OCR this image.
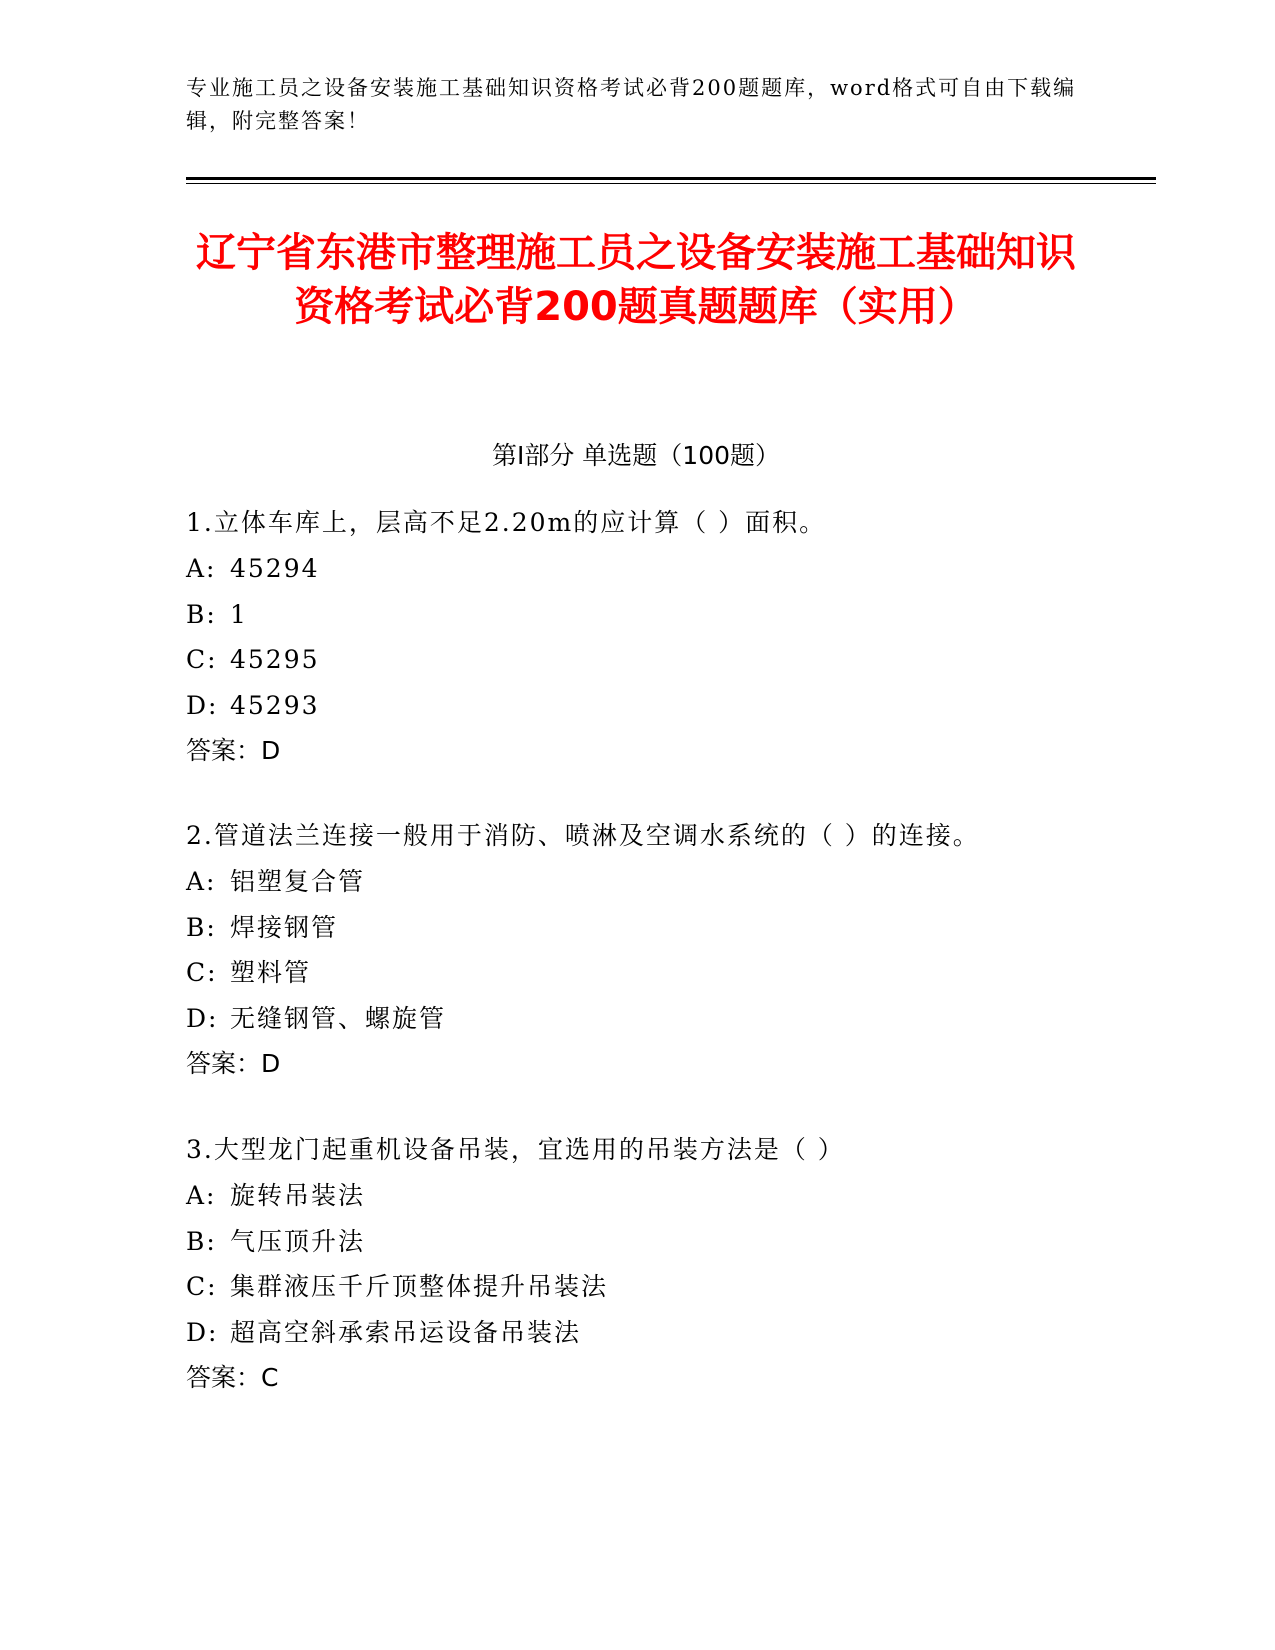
专业施工员之设备安装施工基础知识资格考试必背200题题库，word格式可自由下载编辑，附完整答案！
辽宁省东港市整理施工员之设备安装施工基础知识资格考试必背200题真题题库（实用）
第Ⅰ部分 单选题（100题）
1.立体车库上，层高不足2.20m的应计算（ ）面积。
A: 45294
B: 1
C: 45295
D: 45293
答案：D
2.管道法兰连接一般用于消防、喷淋及空调水系统的（ ）的连接。
A: 铝塑复合管
B: 焊接钢管
C: 塑料管
D: 无缝钢管、螺旋管
答案：D
3.大型龙门起重机设备吊装，宜选用的吊装方法是（ ）
A: 旋转吊装法
B: 气压顶升法
C: 集群液压千斤顶整体提升吊装法
D: 超高空斜承索吊运设备吊装法
答案：C
